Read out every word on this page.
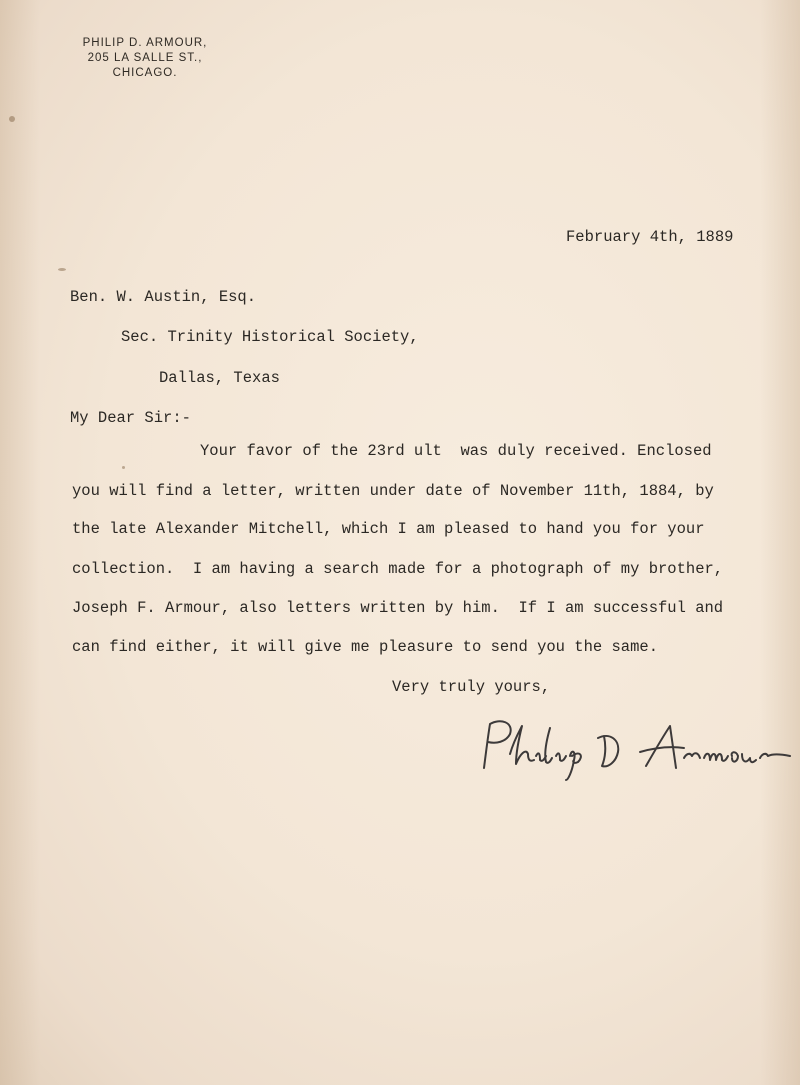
PHILIP D. ARMOUR,
205 LA SALLE ST.,
CHICAGO.
February 4th, 1889
Ben. W. Austin, Esq.
Sec. Trinity Historical Society,
Dallas, Texas
My Dear Sir:-
Your favor of the 23rd ult  was duly received. Enclosed
you will find a letter, written under date of November 11th, 1884, by
the late Alexander Mitchell, which I am pleased to hand you for your
collection.  I am having a search made for a photograph of my brother,
Joseph F. Armour, also letters written by him.  If I am successful and
can find either, it will give me pleasure to send you the same.
Very truly yours,
